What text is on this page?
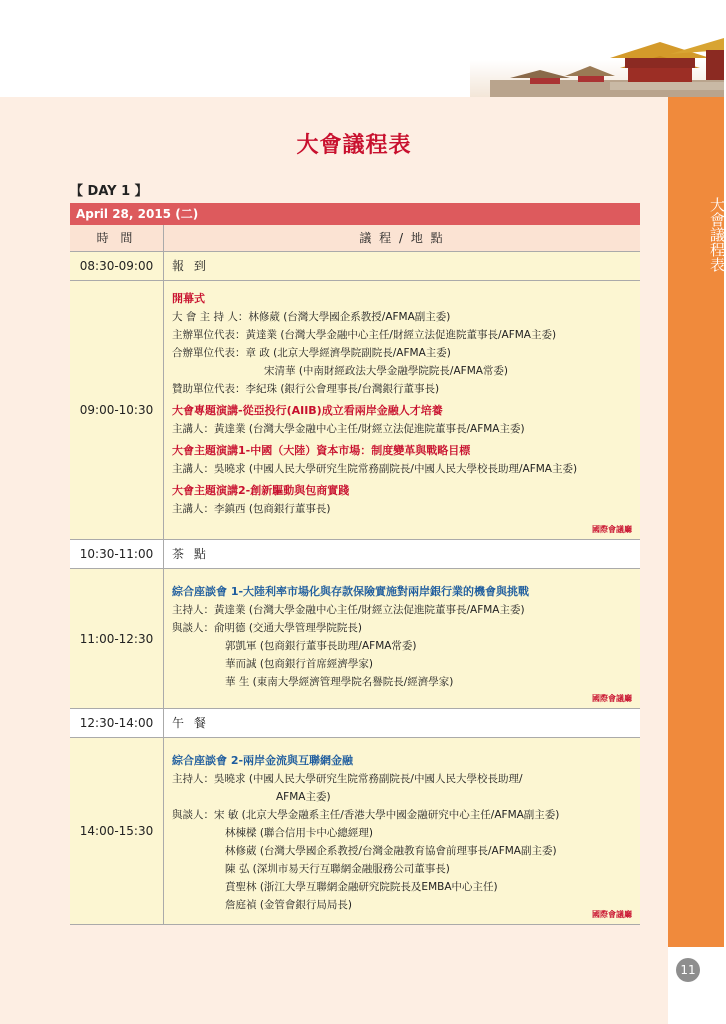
大會議程表
11
大會議程表
【 DAY 1 】
April 28, 2015 (二)
時 間	議 程 / 地 點
08:30-09:00	報 到
09:00-10:30
開幕式
大 會 主 持 人：林修葳 (台灣大學國企系教授/AFMA副主委)
主辦單位代表：黃達業 (台灣大學金融中心主任/財經立法促進院董事長/AFMA主委)
合辦單位代表：章 政 (北京大學經濟學院副院長/AFMA主委)
宋清華 (中南財經政法大學金融學院院長/AFMA常委)
贊助單位代表：李紀珠 (銀行公會理事長/台灣銀行董事長)
大會專題演講-從亞投行(AIIB)成立看兩岸金融人才培養
主講人：黃達業 (台灣大學金融中心主任/財經立法促進院董事長/AFMA主委)
大會主題演講1-中國（大陸）資本市場：制度變革與戰略目標
主講人：吳曉求 (中國人民大學研究生院常務副院長/中國人民大學校長助理/AFMA主委)
大會主題演講2-創新驅動與包商實踐
主講人：李鎮西 (包商銀行董事長)
國際會議廳
10:30-11:00	茶 點
11:00-12:30
綜合座談會 1-大陸利率市場化與存款保險實施對兩岸銀行業的機會與挑戰
主持人：黃達業 (台灣大學金融中心主任/財經立法促進院董事長/AFMA主委)
與談人：俞明德 (交通大學管理學院院長)
郭凱軍 (包商銀行董事長助理/AFMA常委)
華而誠 (包商銀行首席經濟學家)
華 生 (東南大學經濟管理學院名譽院長/經濟學家)
國際會議廳
12:30-14:00	午 餐
14:00-15:30
綜合座談會 2-兩岸金流與互聯網金融
主持人：吳曉求 (中國人民大學研究生院常務副院長/中國人民大學校長助理/
AFMA主委)
與談人：宋 敏 (北京大學金融系主任/香港大學中國金融研究中心主任/AFMA副主委)
林棟樑 (聯合信用卡中心總經理)
林修葳 (台灣大學國企系教授/台灣金融教育協會前理事長/AFMA副主委)
陳 弘 (深圳市易天行互聯網金融服務公司董事長)
賁聖林 (浙江大學互聯網金融研究院院長及EMBA中心主任)
詹庭禎 (金管會銀行局局長)
國際會議廳
